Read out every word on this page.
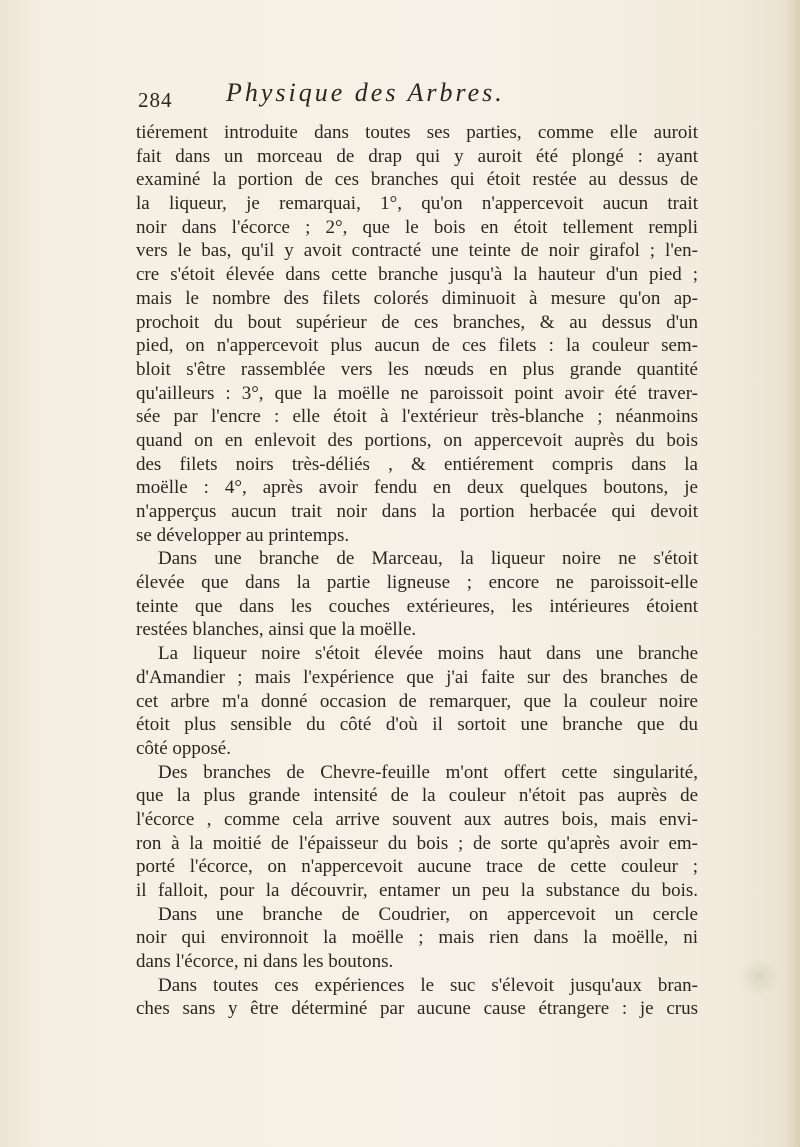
284 Physique des Arbres.
tiérement introduite dans toutes ses parties, comme elle auroit
fait dans un morceau de drap qui y auroit été plongé : ayant
examiné la portion de ces branches qui étoit restée au dessus de
la liqueur, je remarquai, 1°, qu'on n'appercevoit aucun trait
noir dans l'écorce ; 2°, que le bois en étoit tellement rempli
vers le bas, qu'il y avoit contracté une teinte de noir girafol ; l'en-
cre s'étoit élevée dans cette branche jusqu'à la hauteur d'un pied ;
mais le nombre des filets colorés diminuoit à mesure qu'on ap-
prochoit du bout supérieur de ces branches, & au dessus d'un
pied, on n'appercevoit plus aucun de ces filets : la couleur sem-
bloit s'être rassemblée vers les nœuds en plus grande quantité
qu'ailleurs : 3°, que la moëlle ne paroissoit point avoir été traver-
sée par l'encre : elle étoit à l'extérieur très-blanche ; néanmoins
quand on en enlevoit des portions, on appercevoit auprès du bois
des filets noirs très-déliés , & entiérement compris dans la
moëlle : 4°, après avoir fendu en deux quelques boutons, je
n'apperçus aucun trait noir dans la portion herbacée qui devoit
se développer au printemps.
Dans une branche de Marceau, la liqueur noire ne s'étoit
élevée que dans la partie ligneuse ; encore ne paroissoit-elle
teinte que dans les couches extérieures, les intérieures étoient
restées blanches, ainsi que la moëlle.
La liqueur noire s'étoit élevée moins haut dans une branche
d'Amandier ; mais l'expérience que j'ai faite sur des branches de
cet arbre m'a donné occasion de remarquer, que la couleur noire
étoit plus sensible du côté d'où il sortoit une branche que du
côté opposé.
Des branches de Chevre-feuille m'ont offert cette singularité,
que la plus grande intensité de la couleur n'étoit pas auprès de
l'écorce , comme cela arrive souvent aux autres bois, mais envi-
ron à la moitié de l'épaisseur du bois ; de sorte qu'après avoir em-
porté l'écorce, on n'appercevoit aucune trace de cette couleur ;
il falloit, pour la découvrir, entamer un peu la substance du bois.
Dans une branche de Coudrier, on appercevoit un cercle
noir qui environnoit la moëlle ; mais rien dans la moëlle, ni
dans l'écorce, ni dans les boutons.
Dans toutes ces expériences le suc s'élevoit jusqu'aux bran-
ches sans y être déterminé par aucune cause étrangere : je crus
